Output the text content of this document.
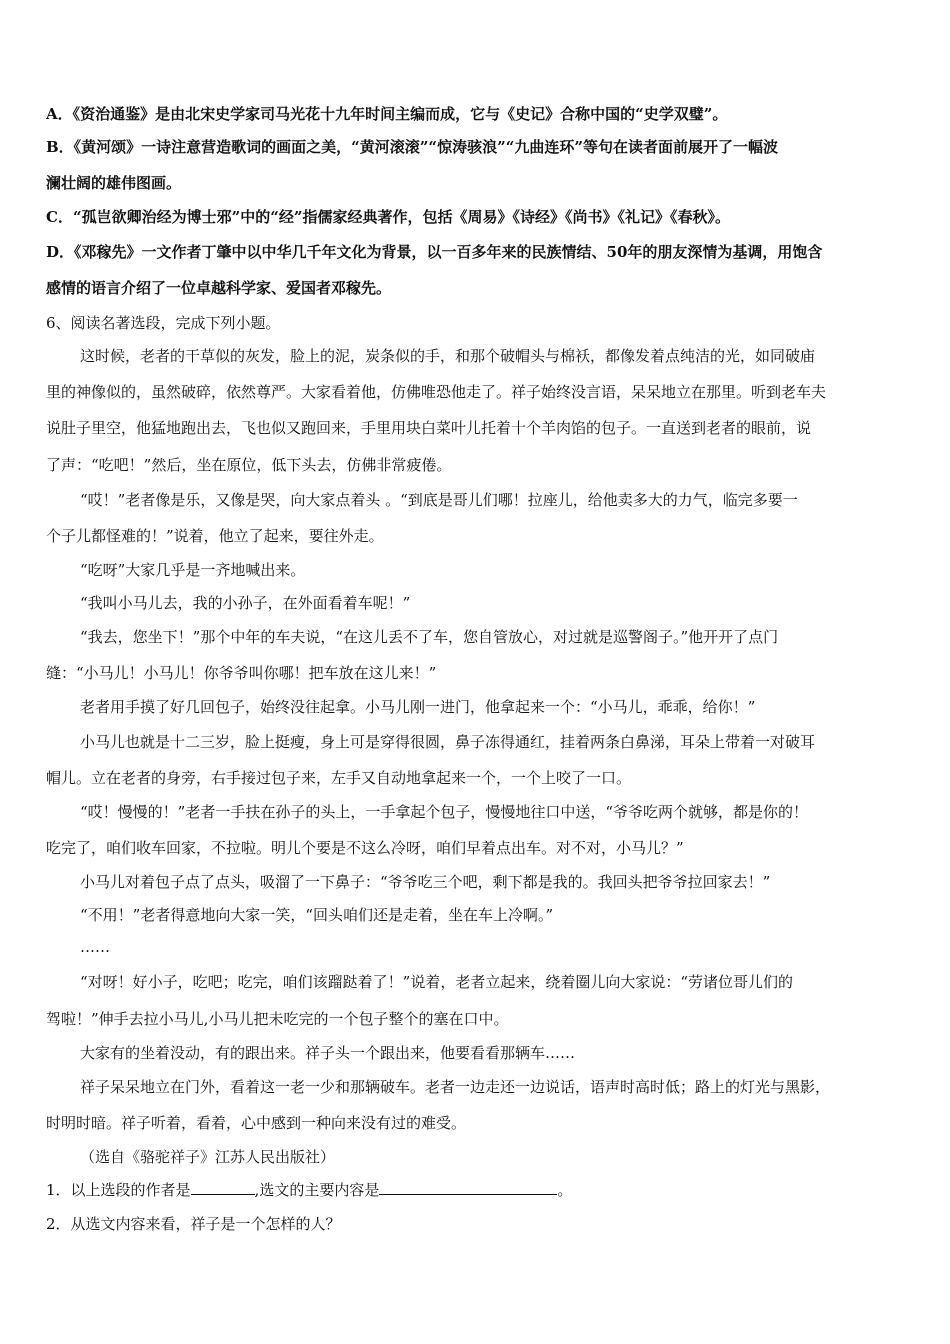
A．《资治通鉴》是由北宋史学家司马光花十九年时间主编而成，它与《史记》合称中国的“史学双璧”。
B．《黄河颂》一诗注意营造歌词的画面之美，“黄河滚滚”“惊涛骇浪”“九曲连环”等句在读者面前展开了一幅波
澜壮阔的雄伟图画。
C．“孤岂欲卿治经为博士邪”中的“经”指儒家经典著作，包括《周易》《诗经》《尚书》《礼记》《春秋》。
D．《邓稼先》一文作者丁肇中以中华几千年文化为背景，以一百多年来的民族情结、50年的朋友深情为基调，用饱含
感情的语言介绍了一位卓越科学家、爱国者邓稼先。
6、阅读名著选段，完成下列小题。
这时候，老者的干草似的灰发，脸上的泥，炭条似的手，和那个破帽头与棉袄，都像发着点纯洁的光，如同破庙
里的神像似的，虽然破碎，依然尊严。大家看着他，仿佛唯恐他走了。祥子始终没言语，呆呆地立在那里。听到老车夫
说肚子里空，他猛地跑出去，飞也似又跑回来，手里用块白菜叶儿托着十个羊肉馅的包子。一直送到老者的眼前，说
了声：“吃吧！”然后，坐在原位，低下头去，仿佛非常疲倦。
“哎！”老者像是乐，又像是哭，向大家点着头 。“到底是哥儿们哪！拉座儿，给他卖多大的力气，临完多要一
个子儿都怪难的！”说着，他立了起来，要往外走。
“吃呀”大家几乎是一齐地喊出来。
“我叫小马儿去，我的小孙子，在外面看着车呢！”
“我去，您坐下！”那个中年的车夫说，“在这儿丢不了车，您自管放心，对过就是巡警阁子。”他开开了点门
缝：“小马儿！小马儿！你爷爷叫你哪！把车放在这儿来！”
老者用手摸了好几回包子，始终没往起拿。小马儿刚一进门，他拿起来一个：“小马儿，乖乖，给你！”
小马儿也就是十二三岁，脸上挺瘦，身上可是穿得很圆，鼻子冻得通红，挂着两条白鼻涕，耳朵上带着一对破耳
帽儿。立在老者的身旁，右手接过包子来，左手又自动地拿起来一个，一个上咬了一口。
“哎！慢慢的！”老者一手扶在孙子的头上，一手拿起个包子，慢慢地往口中送，“爷爷吃两个就够，都是你的！
吃完了，咱们收车回家，不拉啦。明儿个要是不这么冷呀，咱们早着点出车。对不对，小马儿？”
小马儿对着包子点了点头，吸溜了一下鼻子：“爷爷吃三个吧，剩下都是我的。我回头把爷爷拉回家去！”
“不用！”老者得意地向大家一笑，“回头咱们还是走着，坐在车上冷啊。”
……
“对呀！好小子，吃吧；吃完，咱们该蹓跶着了！”说着，老者立起来，绕着圈儿向大家说：“劳诸位哥儿们的
驾啦！”伸手去拉小马儿,小马儿把未吃完的一个包子整个的塞在口中。
大家有的坐着没动，有的跟出来。祥子头一个跟出来，他要看看那辆车……
祥子呆呆地立在门外，看着这一老一少和那辆破车。老者一边走还一边说话，语声时高时低；路上的灯光与黑影，
时明时暗。祥子听着，看着，心中感到一种向来没有过的难受。
（选自《骆驼祥子》江苏人民出版社）
1．以上选段的作者是	,选文的主要内容是	。
2．从选文内容来看，祥子是一个怎样的人？
